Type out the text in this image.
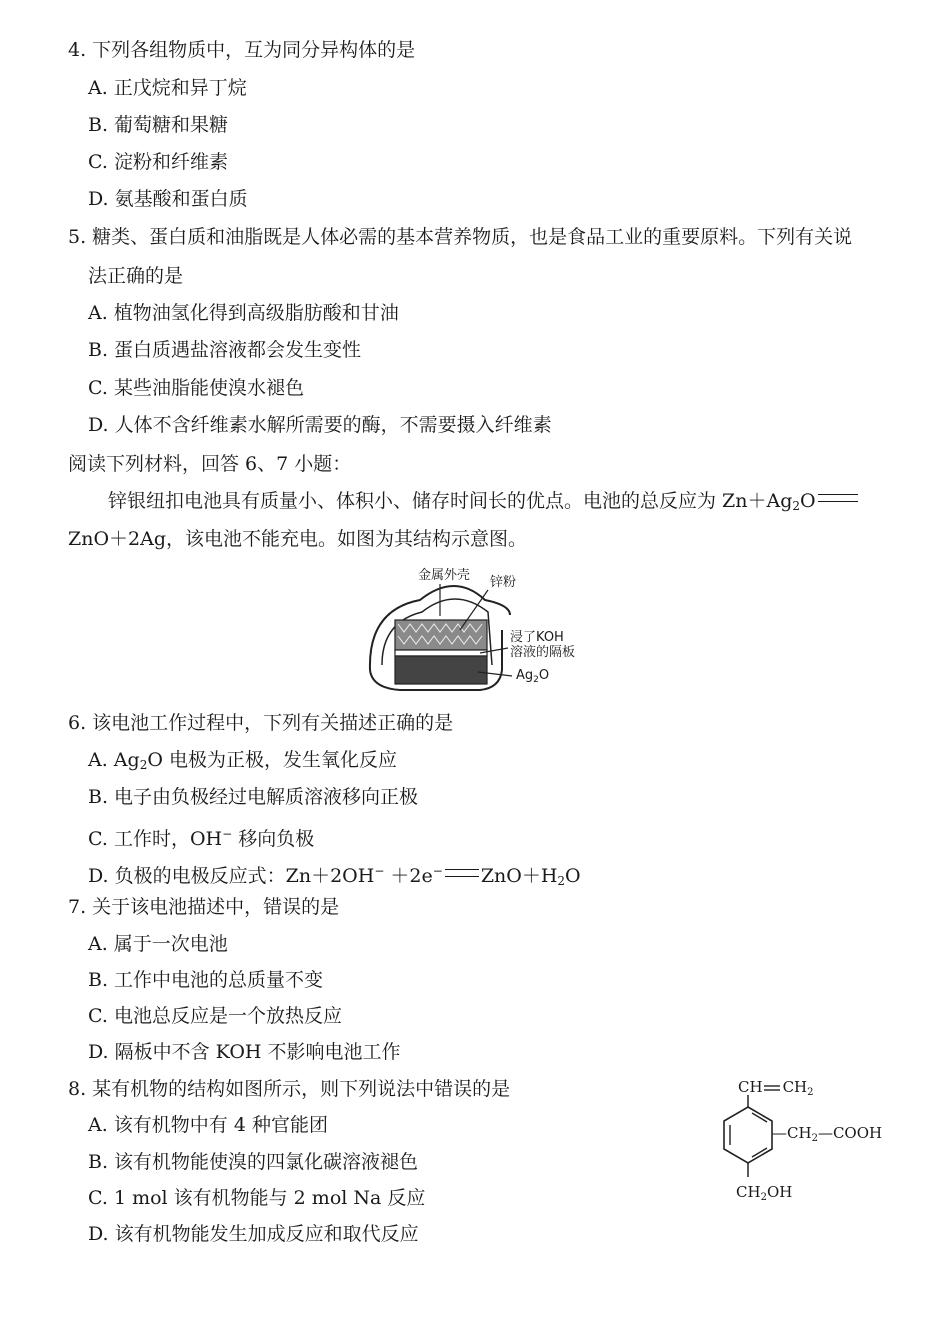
4. 下列各组物质中，互为同分异构体的是
A. 正戊烷和异丁烷
B. 葡萄糖和果糖
C. 淀粉和纤维素
D. 氨基酸和蛋白质
5. 糖类、蛋白质和油脂既是人体必需的基本营养物质，也是食品工业的重要原料。下列有关说
法正确的是
A. 植物油氢化得到高级脂肪酸和甘油
B. 蛋白质遇盐溶液都会发生变性
C. 某些油脂能使溴水褪色
D. 人体不含纤维素水解所需要的酶，不需要摄入纤维素
阅读下列材料，回答 6、7 小题：
锌银纽扣电池具有质量小、体积小、储存时间长的优点。电池的总反应为 $Zn+Ag_2O$
ZnO＋2Ag，该电池不能充电。如图为其结构示意图。
金属外壳 锌粉
浸了KOH
溶液的隔板
$Ag_2O$
6. 该电池工作过程中，下列有关描述正确的是
A. $Ag_2O$ 电极为正极，发生氧化反应
B. 电子由负极经过电解质溶液移向正极
C. 工作时，OH− 移向负极
D. 负极的电极反应式：Zn＋2OH− ＋2e− $ZnO+H_2O$
7. 关于该电池描述中，错误的是
A. 属于一次电池
B. 工作中电池的总质量不变
C. 电池总反应是一个放热反应
D. 隔板中不含 KOH 不影响电池工作
8. 某有机物的结构如图所示，则下列说法中错误的是
A. 该有机物中有 4 种官能团
B. 该有机物能使溴的四氯化碳溶液褪色
C. 1 mol 该有机物能与 2 mol Na 反应
D. 该有机物能发生加成反应和取代反应
CH $CH_2$
$—CH_2—COOH$
$CH_2OH$
